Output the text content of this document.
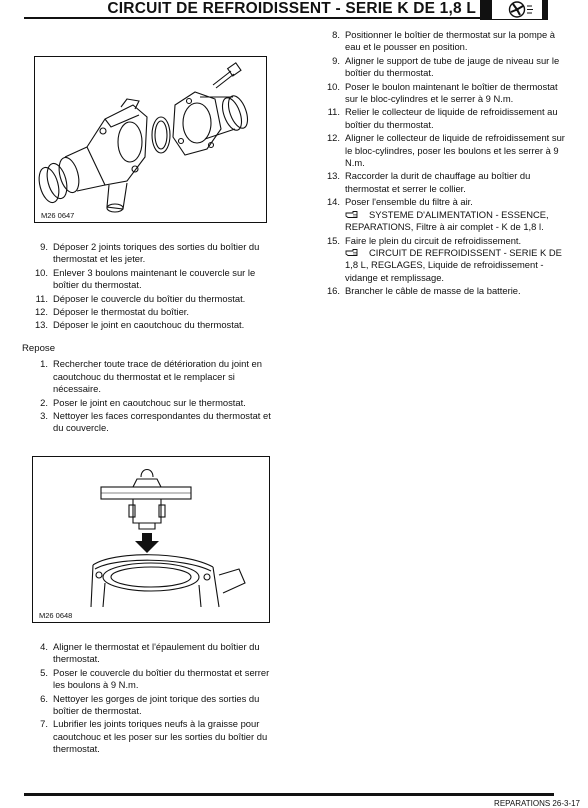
CIRCUIT DE REFROIDISSENT - SERIE K DE 1,8 L
M26 0647
9. Déposer 2 joints toriques des sorties du boîtier du thermostat et les jeter.
10. Enlever 3 boulons maintenant le couvercle sur le boîtier du thermostat.
11. Déposer le couvercle du boîtier du thermostat.
12. Déposer le thermostat du boîtier.
13. Déposer le joint en caoutchouc du thermostat.
Repose
1. Rechercher toute trace de détérioration du joint en caoutchouc du thermostat et le remplacer si nécessaire.
2. Poser le joint en caoutchouc sur le thermostat.
3. Nettoyer les faces correspondantes du thermostat et du couvercle.
M26 0648
4. Aligner le thermostat et l'épaulement du boîtier du thermostat.
5. Poser le couvercle du boîtier du thermostat et serrer les boulons à 9 N.m.
6. Nettoyer les gorges de joint torique des sorties du boîtier de thermostat.
7. Lubrifier les joints toriques neufs à la graisse pour caoutchouc et les poser sur les sorties du boîtier du thermostat.
8. Positionner le boîtier de thermostat sur la pompe à eau et le pousser en position.
9. Aligner le support de tube de jauge de niveau sur le boîtier du thermostat.
10. Poser le boulon maintenant le boîtier de thermostat sur le bloc-cylindres et le serrer à 9 N.m.
11. Relier le collecteur de liquide de refroidissement au boîtier du thermostat.
12. Aligner le collecteur de liquide de refroidissement sur le bloc-cylindres, poser les boulons et les serrer à 9 N.m.
13. Raccorder la durit de chauffage au boîtier du thermostat et serrer le collier.
14. Poser l'ensemble du filtre à air.
SYSTEME D'ALIMENTATION - ESSENCE, REPARATIONS, Filtre à air complet - K de 1,8 l.
15. Faire le plein du circuit de refroidissement.
CIRCUIT DE REFROIDISSENT - SERIE K DE 1,8 L, REGLAGES, Liquide de refroidissement - vidange et remplissage.
16. Brancher le câble de masse de la batterie.
REPARATIONS 26-3-17
